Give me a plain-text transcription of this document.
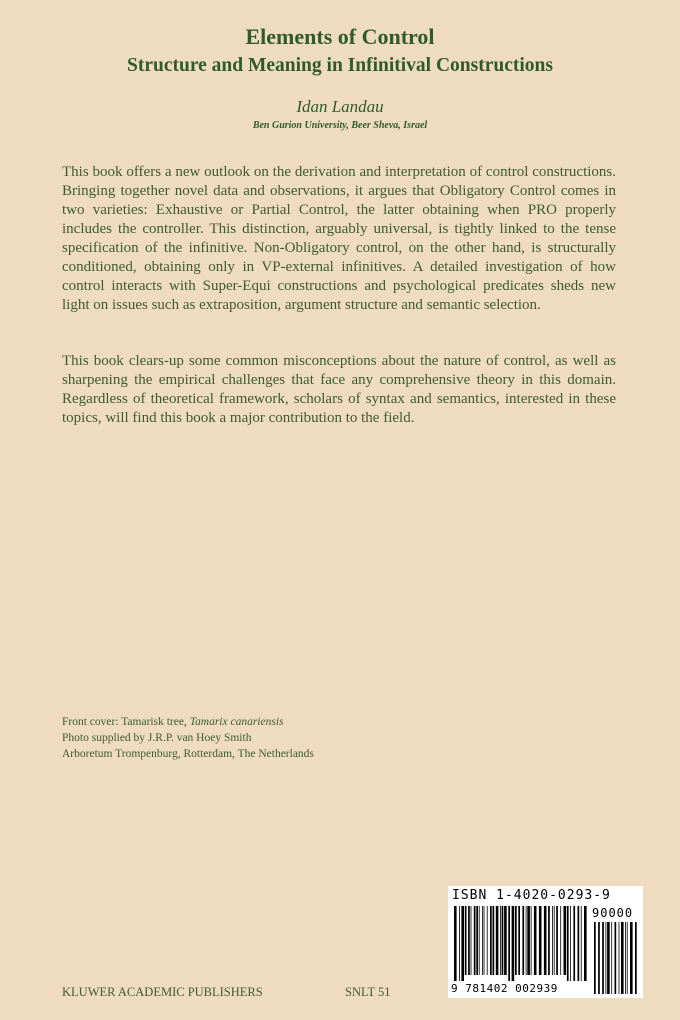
Elements of Control
Structure and Meaning in Infinitival Constructions
Idan Landau
Ben Gurion University, Beer Sheva, Israel

This book offers a new outlook on the derivation and interpretation of control constructions. Bringing together novel data and observations, it argues that Obligatory Control comes in two varieties: Exhaustive or Partial Control, the latter obtaining when PRO properly includes the controller. This distinction, arguably universal, is tightly linked to the tense specification of the infinitive. Non-Obligatory control, on the other hand, is structurally conditioned, obtaining only in VP-external infinitives. A detailed investigation of how control interacts with Super-Equi constructions and psychological predicates sheds new light on issues such as extraposition, argument structure and semantic selection.

This book clears-up some common misconceptions about the nature of control, as well as sharpening the empirical challenges that face any comprehensive theory in this domain. Regardless of theoretical framework, scholars of syntax and semantics, interested in these topics, will find this book a major contribution to the field.

Front cover: Tamarisk tree, Tamarix canariensis
Photo supplied by J.R.P. van Hoey Smith
Arboretum Trompenburg, Rotterdam, The Netherlands
KLUWER ACADEMIC PUBLISHERS	SNLT 51
ISBN 1-4020-0293-9
90000
9 781402 002939
